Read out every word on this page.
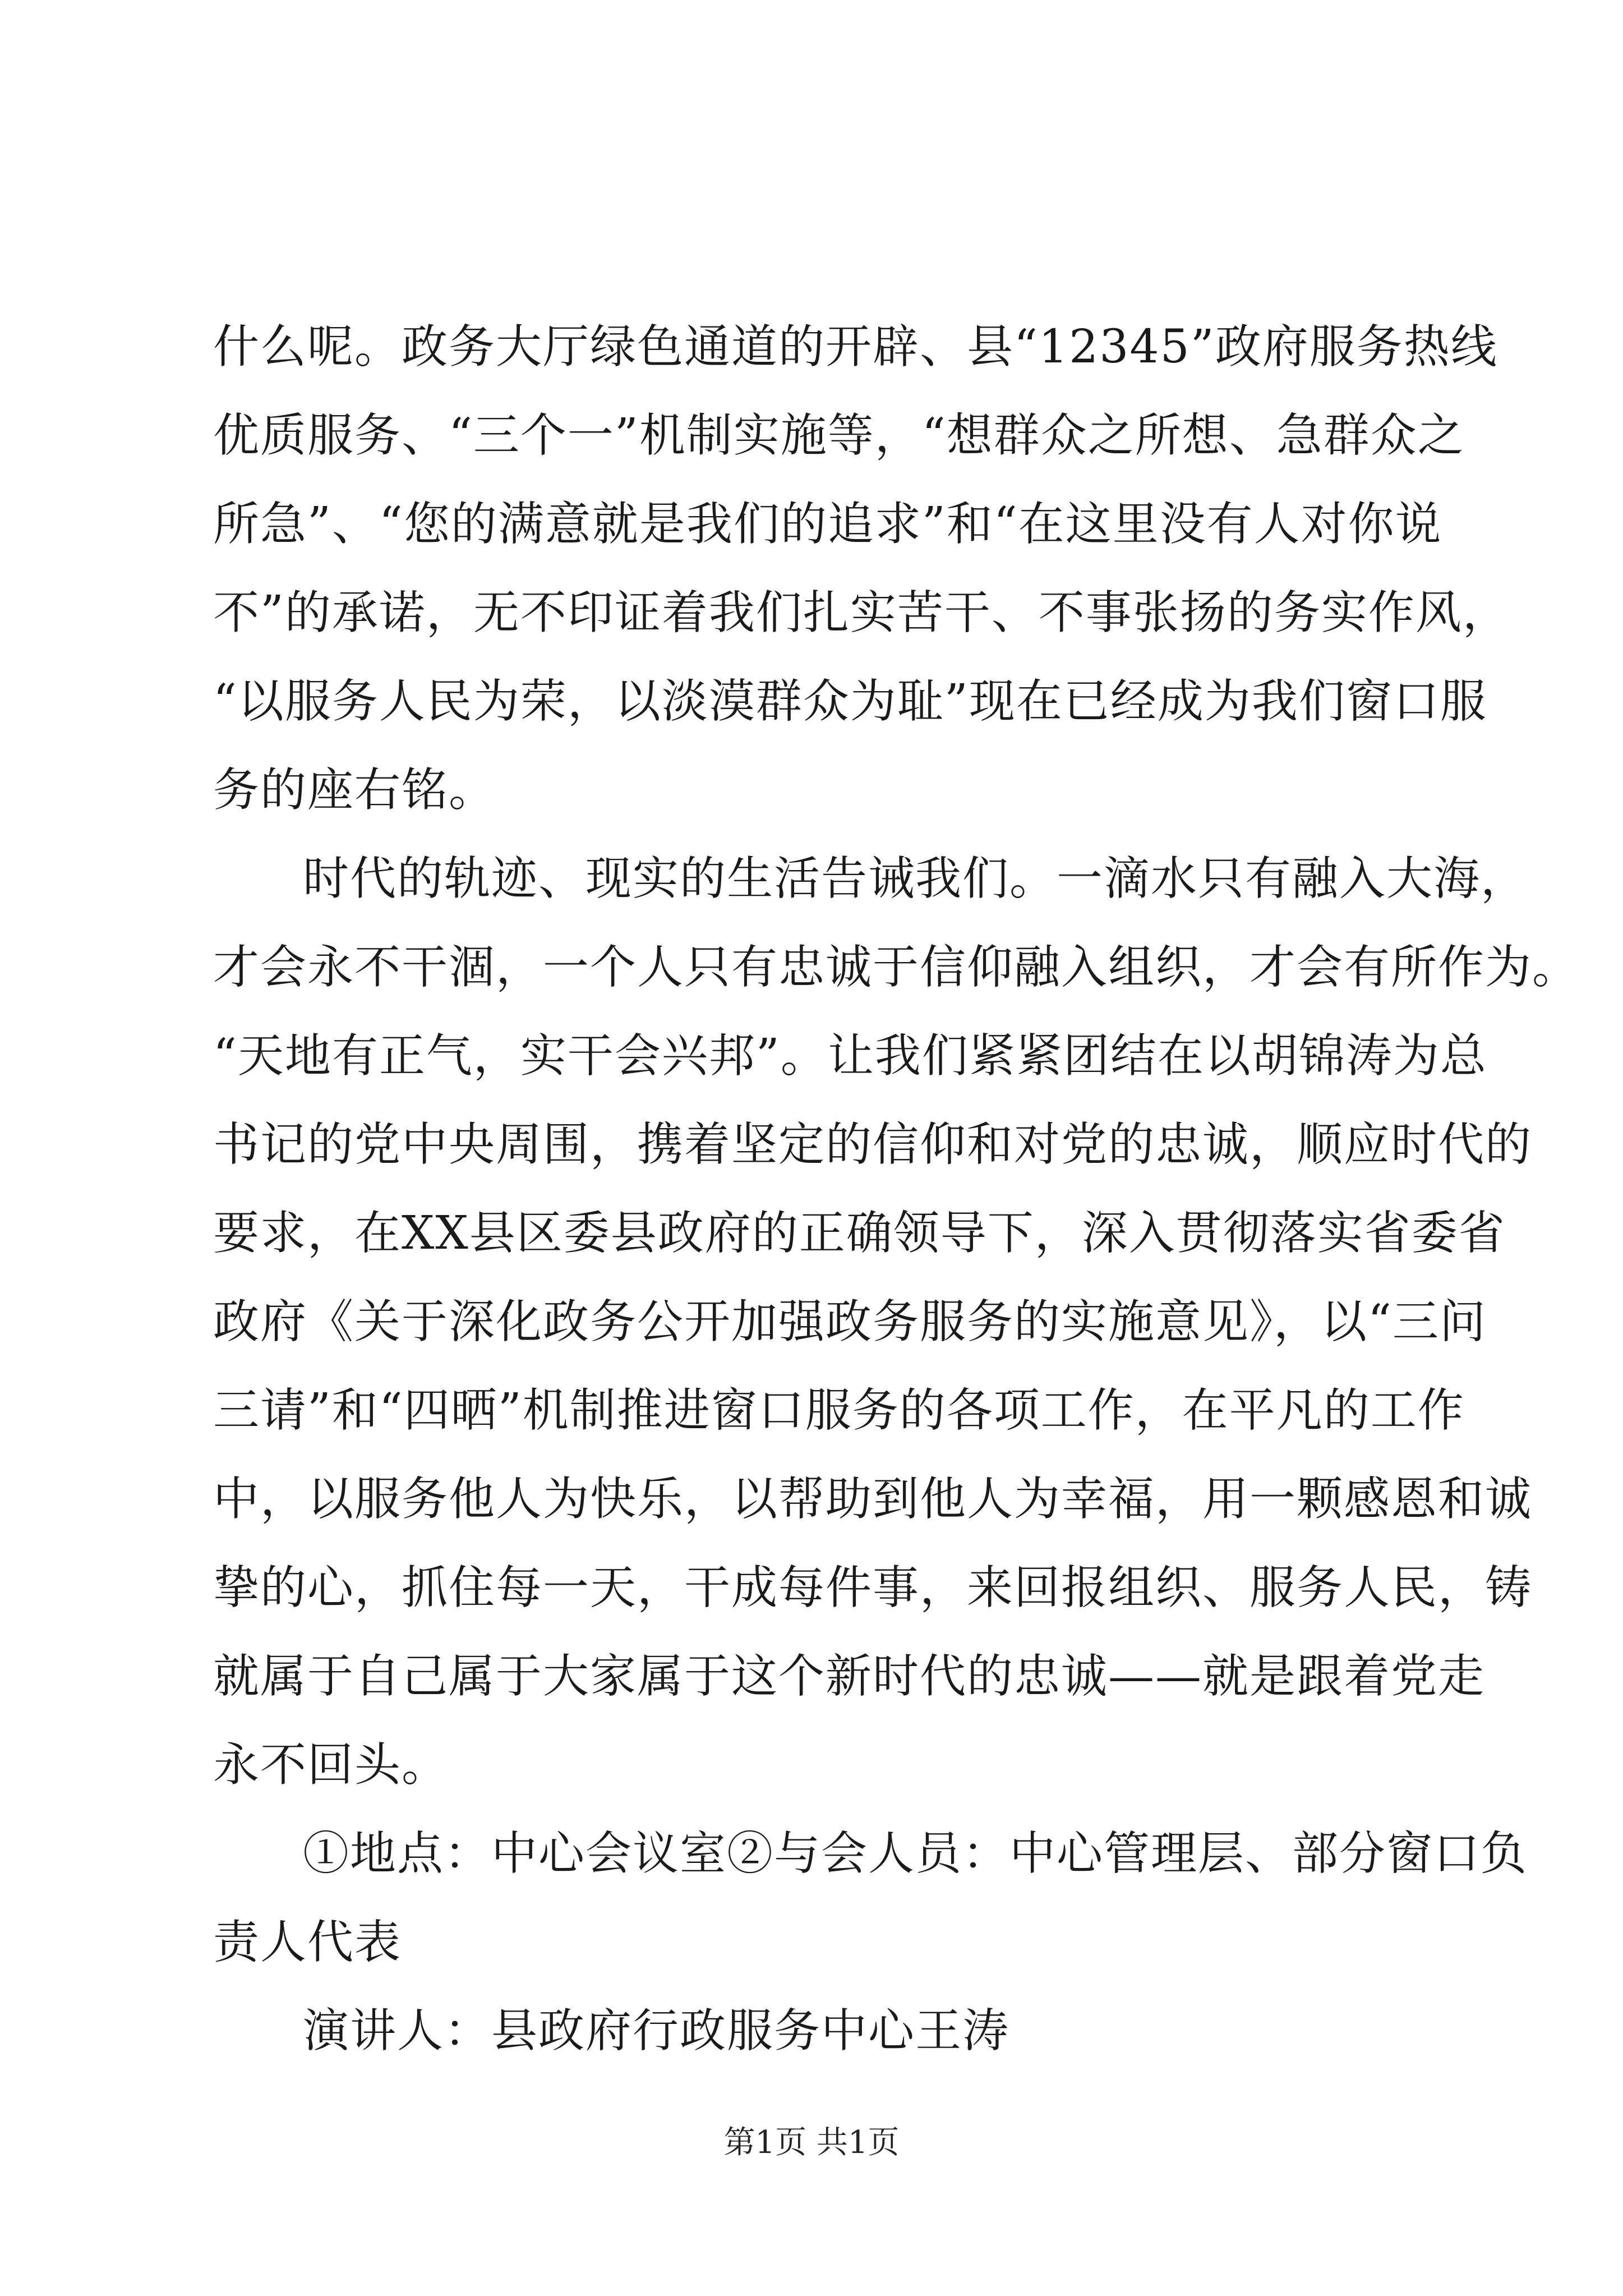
什么呢。政务大厅绿色通道的开辟、县“12345”政府服务热线
优质服务、“三个一”机制实施等，“想群众之所想、急群众之
所急”、“您的满意就是我们的追求”和“在这里没有人对你说
不”的承诺，无不印证着我们扎实苦干、不事张扬的务实作风，
“以服务人民为荣，以淡漠群众为耻”现在已经成为我们窗口服
务的座右铭。
时代的轨迹、现实的生活告诫我们。一滴水只有融入大海，
才会永不干涸，一个人只有忠诚于信仰融入组织，才会有所作为。
“天地有正气，实干会兴邦”。让我们紧紧团结在以胡锦涛为总
书记的党中央周围，携着坚定的信仰和对党的忠诚，顺应时代的
要求，在XX县区委县政府的正确领导下，深入贯彻落实省委省
政府《关于深化政务公开加强政务服务的实施意见》，以“三问
三请”和“四晒”机制推进窗口服务的各项工作，在平凡的工作
中，以服务他人为快乐，以帮助到他人为幸福，用一颗感恩和诚
挚的心，抓住每一天，干成每件事，来回报组织、服务人民，铸
就属于自己属于大家属于这个新时代的忠诚——就是跟着党走
永不回头。
①地点：中心会议室②与会人员：中心管理层、部分窗口负
责人代表
演讲人：县政府行政服务中心王涛
第1页 共1页
